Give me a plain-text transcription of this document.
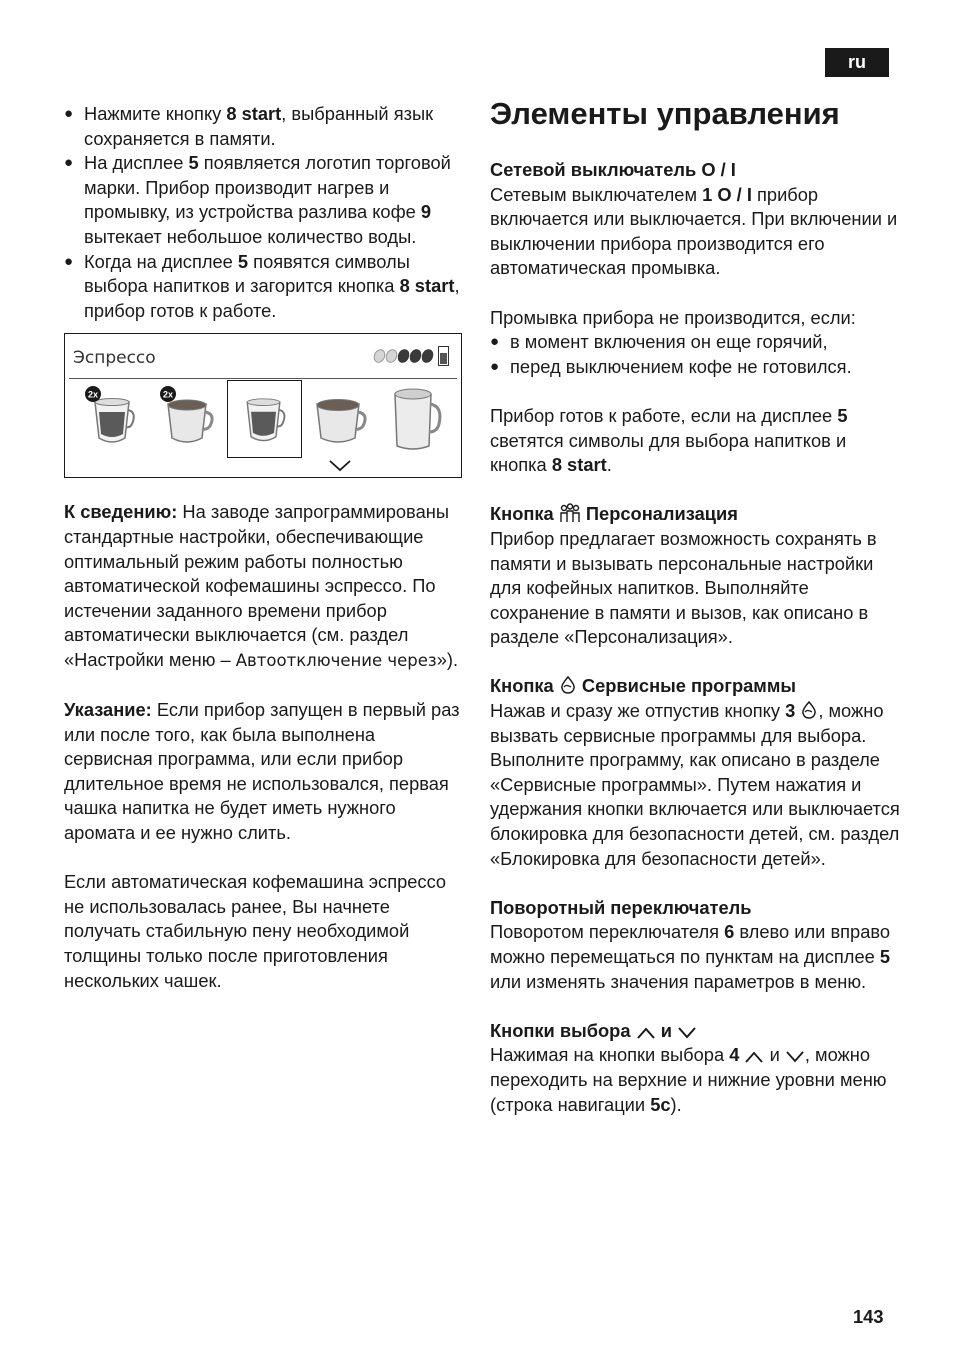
ru

● Нажмите кнопку 8 start, выбранный язык сохраняется в памяти.

● На дисплее 5 появляется логотип торговой марки. Прибор производит нагрев и промывку, из устройства разлива кофе 9 вытекает небольшое количество воды.

● Когда на дисплее 5 появятся символы выбора напитков и загорится кнопка 8 start, прибор готов к работе.

Эспрессо
2x	2x

К сведению: На заводе запрограммированы стандартные настройки, обеспечивающие оптимальный режим работы полностью автоматической кофемашины эспрессо. По истечении заданного времени прибор автоматически выключается (см. раздел «Настройки меню – Автоотключение через»).

Указание: Если прибор запущен в первый раз или после того, как была выполнена сервисная программа, или если прибор длительное время не использовался, первая чашка напитка не будет иметь нужного аромата и ее нужно слить.

Если автоматическая кофемашина эспрессо не использовалась ранее, Вы начнете получать стабильную пену необходимой толщины только после приготовления нескольких чашек.

Элементы управления

Сетевой выключатель O / I

Сетевым выключателем 1 O / I прибор включается или выключается. При включении и выключении прибора производится его автоматическая промывка.

Промывка прибора не производится, если:

● в момент включения он еще горячий,

● перед выключением кофе не готовился.

Прибор готов к работе, если на дисплее 5 светятся символы для выбора напитков и кнопка 8 start.

Кнопка  Персонализация

Прибор предлагает возможность сохранять в памяти и вызывать персональные настройки для кофейных напитков. Выполняйте сохранение в памяти и вызов, как описано в разделе «Персонализация».

Кнопка  Сервисные программы

Нажав и сразу же отпустив кнопку 3 , можно вызвать сервисные программы для выбора. Выполните программу, как описано в разделе «Сервисные программы». Путем нажатия и удержания кнопки включается или выключается блокировка для безопасности детей, см. раздел «Блокировка для безопасности детей».

Поворотный переключатель

Поворотом переключателя 6 влево или вправо можно перемещаться по пунктам на дисплее 5 или изменять значения параметров в меню.

Кнопки выбора  и

Нажимая на кнопки выбора 4  и , можно переходить на верхние и нижние уровни меню (строка навигации 5c).

143
